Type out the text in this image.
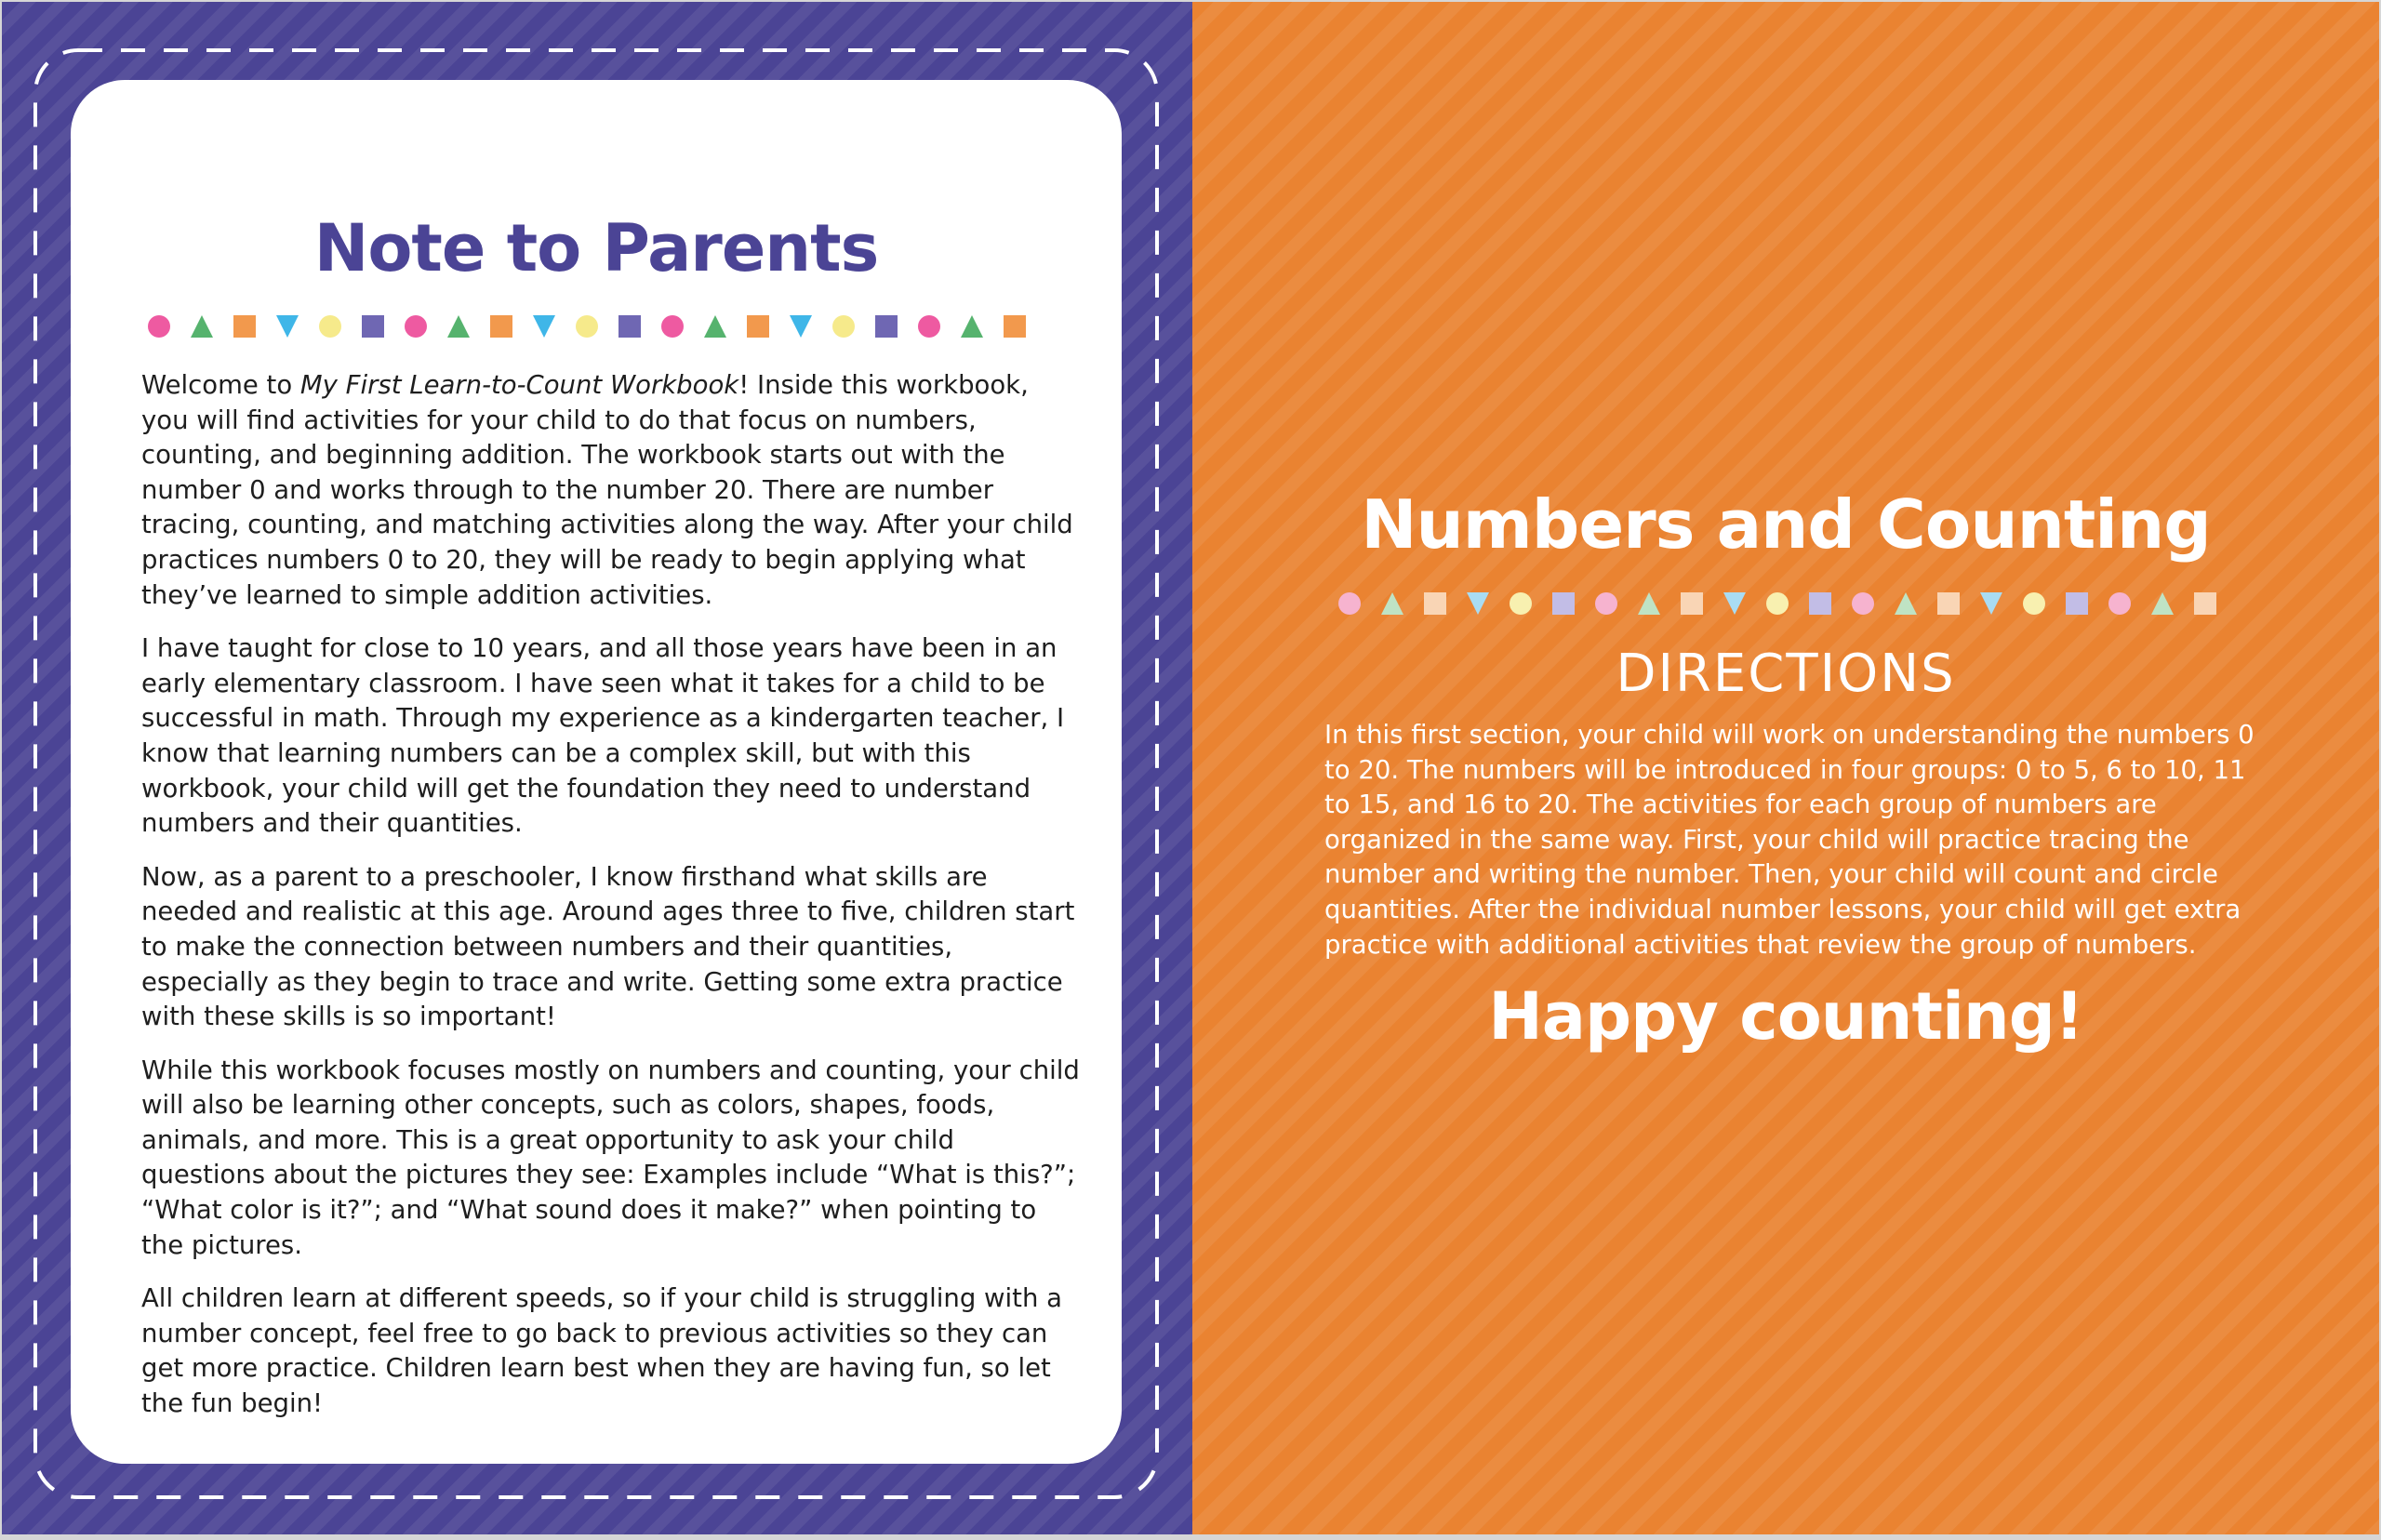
Note to Parents

Welcome to My First Learn-to-Count Workbook! Inside this workbook, you will find activities for your child to do that focus on numbers, counting, and beginning addition. The workbook starts out with the number 0 and works through to the number 20. There are number tracing, counting, and matching activities along the way. After your child practices numbers 0 to 20, they will be ready to begin applying what they’ve learned to simple addition activities.

I have taught for close to 10 years, and all those years have been in an early elementary classroom. I have seen what it takes for a child to be successful in math. Through my experience as a kindergarten teacher, I know that learning numbers can be a complex skill, but with this workbook, your child will get the foundation they need to understand numbers and their quantities.

Now, as a parent to a preschooler, I know firsthand what skills are needed and realistic at this age. Around ages three to five, children start to make the connection between numbers and their quantities, especially as they begin to trace and write. Getting some extra practice with these skills is so important!

While this workbook focuses mostly on numbers and counting, your child will also be learning other concepts, such as colors, shapes, foods, animals, and more. This is a great opportunity to ask your child questions about the pictures they see: Examples include “What is this?”; “What color is it?”; and “What sound does it make?” when pointing to the pictures.

All children learn at different speeds, so if your child is struggling with a number concept, feel free to go back to previous activities so they can get more practice. Children learn best when they are having fun, so let the fun begin!

Numbers and Counting
DIRECTIONS
In this first section, your child will work on understanding the numbers 0 to 20. The numbers will be introduced in four groups: 0 to 5, 6 to 10, 11 to 15, and 16 to 20. The activities for each group of numbers are organized in the same way. First, your child will practice tracing the number and writing the number. Then, your child will count and circle quantities. After the individual number lessons, your child will get extra practice with additional activities that review the group of numbers.
Happy counting!
